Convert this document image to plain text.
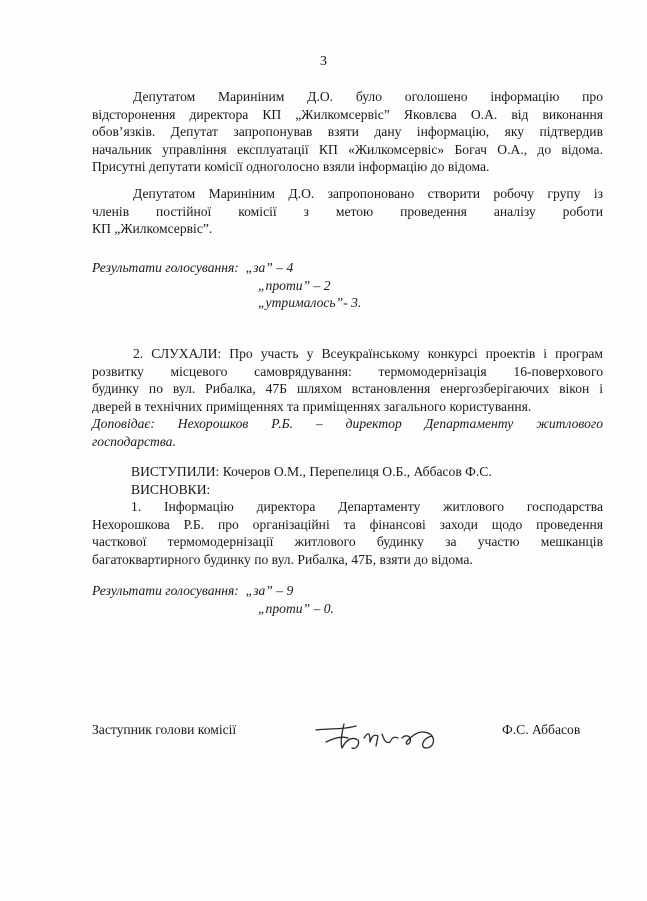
3
Депутатом Мариніним Д.О. було оголошено інформацію про
відсторонення директора КП „Жилкомсервіс” Яковлєва О.А. від виконання
обов’язків. Депутат запропонував взяти дану інформацію, яку підтвердив
начальник управління експлуатації КП «Жилкомсервіс» Богач О.А., до відома.
Присутні депутати комісії одноголосно взяли інформацію до відома.
Депутатом Мариніним Д.О. запропоновано створити робочу групу із
членів постійної комісії з метою проведення аналізу роботи
КП „Жилкомсервіс”.
Результати голосування: „за” – 4
„проти” – 2
„утрималось”- 3.
2. СЛУХАЛИ: Про участь у Всеукраїнському конкурсі проектів і програм
розвитку місцевого самоврядування: термомодернізація 16-поверхового
будинку по вул. Рибалка, 47Б шляхом встановлення енергозберігаючих вікон і
дверей в технічних приміщеннях та приміщеннях загального користування.
Доповідає: Нехорошков Р.Б. – директор Департаменту житлового
господарства.
ВИСТУПИЛИ: Кочеров О.М., Перепелиця О.Б., Аббасов Ф.С.
ВИСНОВКИ:
1. Інформацію директора Департаменту житлового господарства
Нехорошкова Р.Б. про організаційні та фінансові заходи щодо проведення
часткової термомодернізації житлового будинку за участю мешканців
багатоквартирного будинку по вул. Рибалка, 47Б, взяти до відома.
Результати голосування: „за” – 9
„проти” – 0.
Заступник голови комісії	Ф.С. Аббасов
